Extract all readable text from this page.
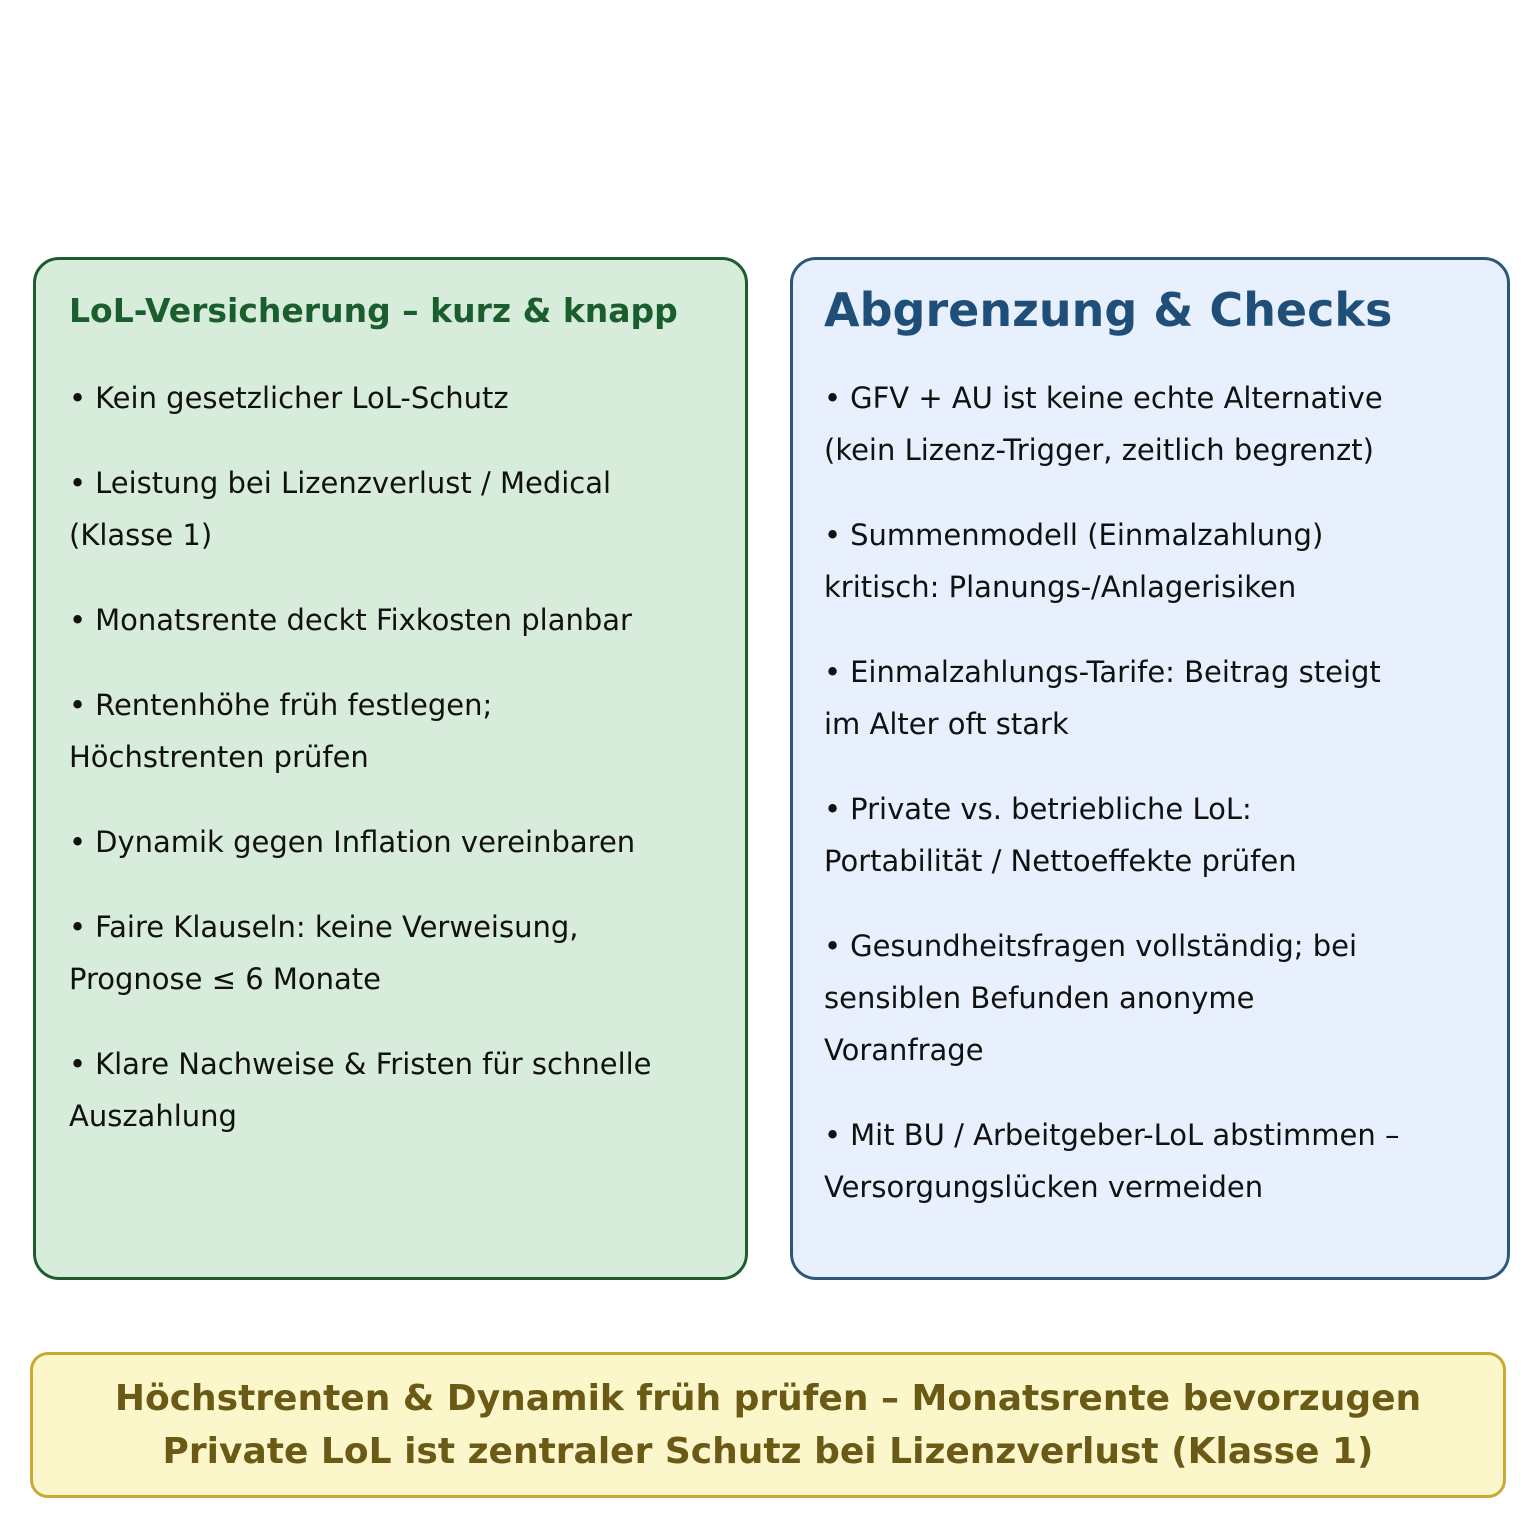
LoL-Versicherung – kurz & knapp

• Kein gesetzlicher LoL-Schutz

• Leistung bei Lizenzverlust / Medical
(Klasse 1)

• Monatsrente deckt Fixkosten planbar

• Rentenhöhe früh festlegen;
Höchstrenten prüfen

• Dynamik gegen Inflation vereinbaren

• Faire Klauseln: keine Verweisung,
Prognose ≤ 6 Monate

• Klare Nachweise & Fristen für schnelle
Auszahlung

Abgrenzung & Checks

• GFV + AU ist keine echte Alternative
(kein Lizenz-Trigger, zeitlich begrenzt)

• Summenmodell (Einmalzahlung)
kritisch: Planungs-/Anlagerisiken

• Einmalzahlungs-Tarife: Beitrag steigt
im Alter oft stark

• Private vs. betriebliche LoL:
Portabilität / Nettoeffekte prüfen

• Gesundheitsfragen vollständig; bei
sensiblen Befunden anonyme
Voranfrage

• Mit BU / Arbeitgeber-LoL abstimmen –
Versorgungslücken vermeiden

Höchstrenten & Dynamik früh prüfen – Monatsrente bevorzugen
Private LoL ist zentraler Schutz bei Lizenzverlust (Klasse 1)
